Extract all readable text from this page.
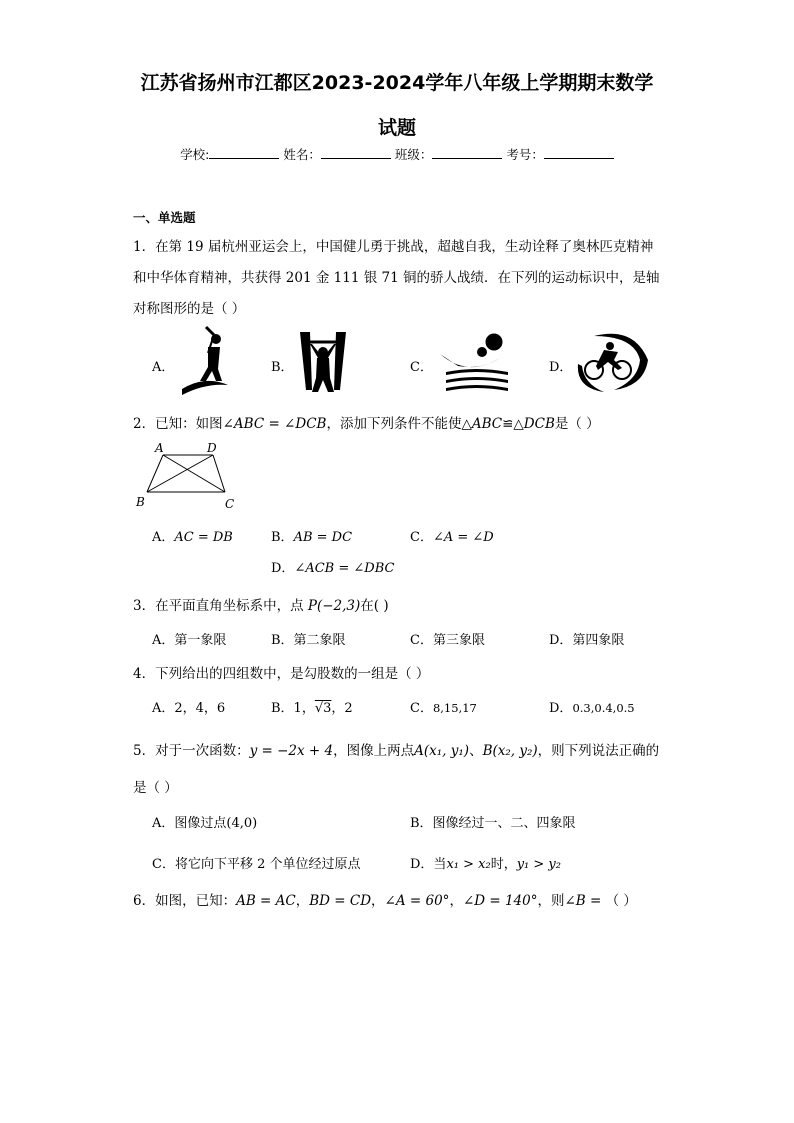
江苏省扬州市江都区2023-2024学年八年级上学期期末数学
试题
学校:	姓名：	班级：	考号：
一、单选题
1．在第 19 届杭州亚运会上，中国健儿勇于挑战，超越自我，生动诠释了奥林匹克精神
和中华体育精神，共获得 201 金 111 银 71 铜的骄人战绩．在下列的运动标识中，是轴
对称图形的是（ ）
A．	B．	C．	D．
2．已知：如图∠ABC = ∠DCB，添加下列条件不能使△ABC≌△DCB是（ ）
A	D
B	C
A．AC = DB	B．AB = DC	C．∠A = ∠D
D．∠ACB = ∠DBC
3．在平面直角坐标系中，点 P(−2,3)在( )
A．第一象限	B．第二象限	C．第三象限	D．第四象限
4．下列给出的四组数中，是勾股数的一组是（ ）
A．2，4，6	B．1，√3，2	C．8,15,17	D．0.3,0.4,0.5
5．对于一次函数：y = −2x + 4，图像上两点A(x₁, y₁)、B(x₂, y₂)，则下列说法正确的
是（ ）
A．图像过点(4,0)	B．图像经过一、二、四象限
C．将它向下平移 2 个单位经过原点	D．当x₁ > x₂时，y₁ > y₂
6．如图，已知：AB = AC，BD = CD，∠A = 60°，∠D = 140°，则∠B = （ ）
